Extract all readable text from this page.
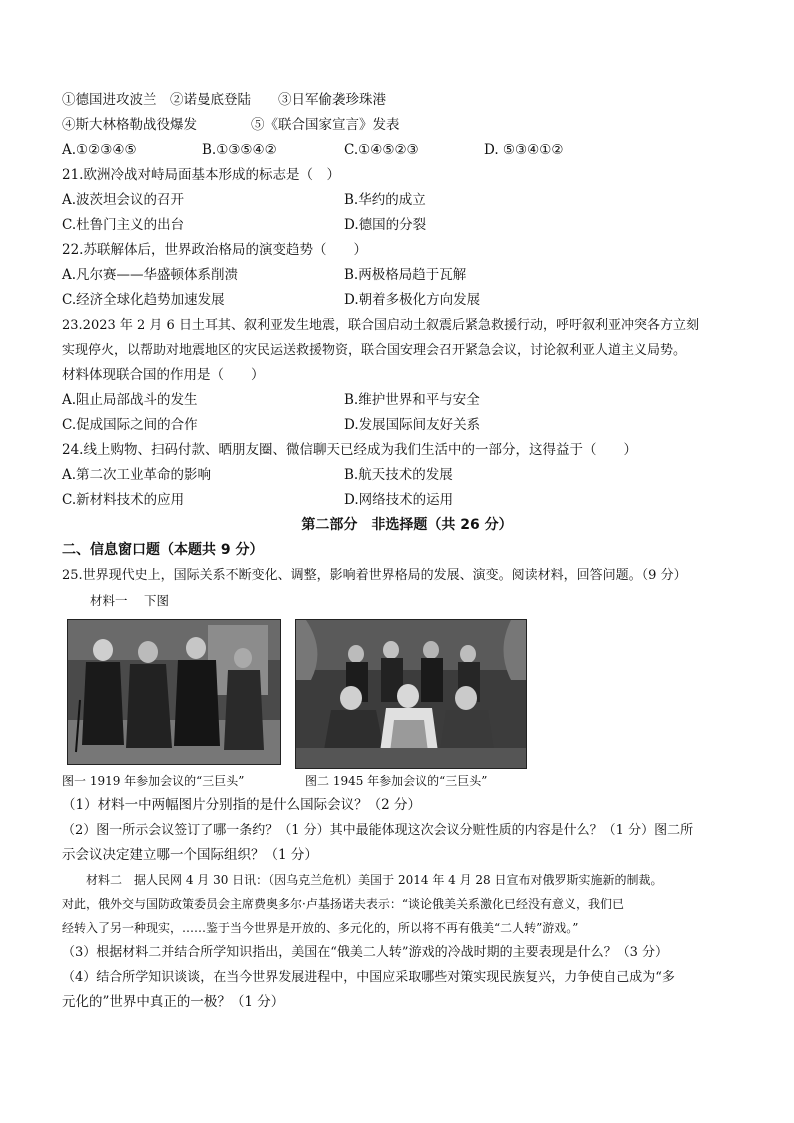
①德国进攻波兰　②诺曼底登陆　　③日军偷袭珍珠港
④斯大林格勒战役爆发　　　　⑤《联合国家宣言》发表
A.①②③④⑤	B.①③⑤④②	C.①④⑤②③	D. ⑤③④①②
21.欧洲冷战对峙局面基本形成的标志是（　）
A.波茨坦会议的召开	B.华约的成立
C.杜鲁门主义的出台	D.德国的分裂
22.苏联解体后，世界政治格局的演变趋势（　　）
A.凡尔赛——华盛顿体系削溃	B.两极格局趋于瓦解
C.经济全球化趋势加速发展	D.朝着多极化方向发展
23.2023 年 2 月 6 日土耳其、叙利亚发生地震，联合国启动土叙震后紧急救援行动，呼吁叙利亚冲突各方立刻
实现停火，以帮助对地震地区的灾民运送救援物资，联合国安理会召开紧急会议，讨论叙利亚人道主义局势。
材料体现联合国的作用是（　　）
A.阻止局部战斗的发生	B.维护世界和平与安全
C.促成国际之间的合作	D.发展国际间友好关系
24.线上购物、扫码付款、晒朋友圈、微信聊天已经成为我们生活中的一部分，这得益于（　　）
A.第二次工业革命的影响	B.航天技术的发展
C.新材料技术的应用	D.网络技术的运用
第二部分　非选择题（共 26 分）
二、信息窗口题（本题共 9 分）
25.世界现代史上，国际关系不断变化、调整，影响着世界格局的发展、演变。阅读材料，回答问题。（9 分）
材料一　 下图
图一 1919 年参加会议的“三巨头”	图二 1945 年参加会议的“三巨头”
（1）材料一中两幅图片分别指的是什么国际会议？（2 分）
（2）图一所示会议签订了哪一条约？（1 分）其中最能体现这次会议分赃性质的内容是什么？（1 分）图二所
示会议决定建立哪一个国际组织？（1 分）
　　材料二　据人民网 4 月 30 日讯：（因乌克兰危机）美国于 2014 年 4 月 28 日宣布对俄罗斯实施新的制裁。
对此，俄外交与国防政策委员会主席费奥多尔·卢基扬诺夫表示：“谈论俄美关系激化已经没有意义，我们已
经转入了另一种现实，……鉴于当今世界是开放的、多元化的，所以将不再有俄美“二人转”游戏。”
（3）根据材料二并结合所学知识指出，美国在“俄美二人转”游戏的冷战时期的主要表现是什么？（3 分）
（4）结合所学知识谈谈，在当今世界发展进程中，中国应采取哪些对策实现民族复兴，力争使自己成为“多
元化的”世界中真正的一极？（1 分）
